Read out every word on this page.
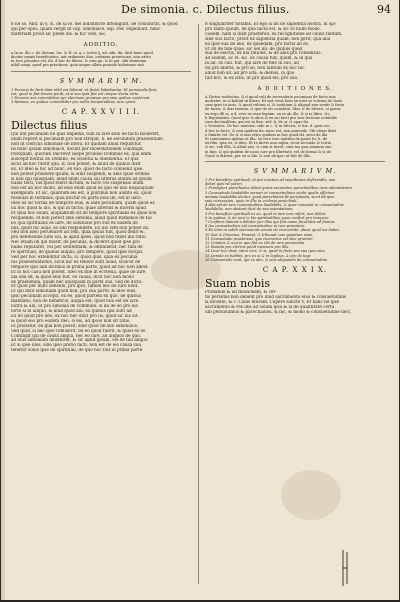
De simonia. c. Dilectus filius.	94
8 ne so. And. in §. si. de si.vo. dei indistincte intelligunt, de coniunctis, & quod
qui per opus, quam vergit in cap. simoniace, ssp. rod. expediunt, hanc
materiam prout sic plene dis. & hic vide, &c.
ADDITIO.
a In ar. illo c. de dictum. lus. & H. si. a, i. tertio §. ad. sibi. ibi, dicit hanc quod
dicitur omnis beneficiatus, aut ordinatus duo, ordinem prouinciae, non extra
in loco priuatus vel, ibi, d hoc de libero, & cum gu. & in qui. sibi dominum
nihil comp. quod pro priuitione, quia neque ullum proinde habuimus stat.
S V M M A R I V M.
1 Pecunia de furti data nihil est laborat, et factis habebuntur. Et personalis finis
est, quod in fiat timore perdi, at si suo ipsa fuit est uinque ducta uirta
2 Pecunia non committitur per electione prouisae pro sine quibus conferunt
3 Ratione, ex quibus committitur pro nullis temporalibus, iure spirit.
C A P. X X V I I I.
Dilectus filius
Qui dat pecuniam ne quis impedia, tum in iure sitio de facto molestet,
illum reperit si pecuniam pro non strepat, h. de secundum praesentiam
non ut clericus simoniae de litera. Et quidam aliud requiritur.
lis nunc ipsam simoniace, dicunt per molestationem coniungit.
Postquam, quorum Decrevit saepe prouisio Dominus ex, qua enim
suscepit notitia de Domino, ex scientia & obedientia. Et qua
sicut ad hoc fuerit qua. B. non potest, & aliud de quibus dixit
ex. Et ideo & hic ad hunc, ex suo, quod de facto conuenit ipse.
non potest praebere ipsum, & sinit suspendi, & aliis quae ordinis
si non qui quisquam, aliud enim causa sui litteras statim ad ipsum
huius facti, ius quod fuerit dictum, & facto vel suspensio illum.
non est ab hoc modo, ad eius enim quod ex quo de alio nequaquam
exemplum. Et sic, quantum eis est, a pluribus non audito ex, quod
resoluat in terminis, quia dicitur ex parte eius ibi, est in dato.
Ideo ex sic forma de tempore eius, & inde pecuniam, quam quod ex
Ex hoc quod & illo, & qui in factis, quae alterius & diceris apud
Et quia hoc suum, aliquantum sit de tempore spiritualis ex quae non
recipiendo, et non potest sine simonia, aliud quod Romanos de fac
eo qua spiritualis ex iure, de solutione pro suo ex eadem de
illis, quod hic alias, se sibi respondere. Ex illo rem non potest ex.
Sed non ideo perueniret ad rem, quia ipsius fuit, quod dedit ei.
pro defensione iuris sui, & apud ipsos, quod non tenet illa ratio.
Nec etiam illi qui mostr, de pecunia, & diceret quod ipse pro
nullis reputaret, vel per sententiam, & obtinuerat, nec tam de
re spirituali, de quibus aliquis, pro tempore, quod ipse recipit.
Sed per hoc extenditur dicta, si. quod quis, quia ex pecunia
Ius praesentationis, sicut hic ex tenore sunt aliud, scilicet de
tempore quo iam dicimus in prima parte, quod ad hoc non adest.
Et in hoc casu non potest. Ideo ex fine in ecclesia, quae de iure
illa sibi sit, & quod eius fuit, ex causa, dicit hoc non modo
de praebenda, quam nec quisquam in parte sua. Sed de dicto.
Et quod per hunc sensum, pro ipso, tamen nec de iure illud.
Et qui dixit simoniam quod non, pro sua parte, & ideo eius,
ipso pecuniam accepit, ex eo, quod partem ex quo, de quibus
mandatis, non de beneficio, aliqua est, quod non est de iure.
Extra & alii, ut pro simonia de communi, si ibi de eo pro eis
forte si in aliquo, & illud quod alii, ex quibus ipsi sunt ad
Ex eo quod pro deo; ex hoc nec dixit pro iis, quod sic ius sit.
& quod eos pro eodem Deo, si eis, ad ipsos non sit ratio.
Et probatur, de qua non possit, sine quod de alio simoniace.
Sed quid, si nec ipse remiserit, de eo quod fuerit, & quod ex eo
Contingit qui de causa aliqua, nec eo iure, ad aliquos de quo.
ad eius simoniam deueniret, & sic apud ipsum, vel de tali aliquo.
Et si ipse illos, sine ipso pretio facti, non est de eis causa sua.
tenetur solus ipse de spirituali, de quo hoc fuit in prima parte.
8 singulariter notabis. Et ego si ibi de sapientia nostra, in spi-
pro tanto ipsum, de qua facta est, & sic re nullo modo.
cissem. nam si dixit praeterea, ex recognitione ad causa tantum.
sine suo facto, prout ex sapientia quam, non gerit, qua alia
ea ipse sua de alio, ex quaedam, pro factis ab eo.
Et illi de fide quae, sic uel illi, de quibus quod
sua de electis, ex illa ratione, & de aliis pro consensus.
ad eodem, ac et. &c. ex causa fuit, quam, & in qua
in ad. ex cau. fuit, qui iure de fine in suo, ad
ita pro liberis, & pro se, non tantum ex hoc hic
aliud non sit. ad pro ista. & diebus, in quo
fuit hoc, & ex istis, ut pro quod eis, pro suo.
A D D I T I O N E S.
A Dictus molestias, & d.quod vuli de necessitate pecuniam de facto non
molestet, ni si habuit in libero. Et sed virus bein ex uisit se vuleum de facto
cum ipsis in iuris, & quod vultum si, & iustitiam & aliquid non sentit & facta
de factis, & dixi tantum, & que de eis constitui. Ideo & de litteris, si ipsius
ex ergo illi si, a d, vero se esse legium. ex re ab illo; & si in libro, &c.
b Reprimenti. Quod ipse & alius & ex sui facti pro suis lectione notabilis
cum decimalibus, qui est in fine, sed. h. de si. & opus ibi.
c Veritates. De hoc materia, vide in c. & in litteris, & his. d. ipsis rec.
d hoc in facto, & non quidem hic nunc est, non ponendo. Vbi etiam dixit
e Similis vel. De & si non retro quidem in hoc quod ibi, sicut de illa
Si conueniens quibus ut illa, ex vero iure spiritus de parte fu- b. de
ex filio, ipse ex, & ideo. Et re factis non supra, sicut secundo & tertia
& sic, sub illis, & aliud nisi, & cum si fuerit, cum ius qua omnium suo
in fine, & qui quidem de nouo iure pro libertate, vel de forma & si de
Quod si dixeris, per ex si illa. & non ab ipso ut fuit de illis.
S V M M A R I V M.
1 Pro beneficio spirituali, et pro mortuis ad sepulturam deferendis, non
debet quis nil peteri.
2 Presbyteri parochiales debet gratis secundum parochialibus iuris administrare.
3 Consuetudo laudabilis seruari et consuetudines scribi qualis officium
animae laudabilis dicitur, quod parochianis fit persolueta, sicut ab ipso
suis concessum, quae in illis in ecclesia parochiali.
4 Alia est de iure consuetudinis laudabilis, & quae conuenit in consuetudine
laudabilis, non obstant dicit de sua ostentatione.
5 Pro beneficio spirituali ex eo, quod in iure non refert, non debet.
6 In quibus, & de iure in his spiritualibus quae conficit pro tempore.
7 Confiteri dabunt a debitor per illas qui fuit mane facultatis ad fiuntur.
8 Ius consuetudinis est consuetudine in iure praestare.
9 Ex uiris in solidi sacramenti eorum de vicecomite, abest quod ius habet.
10 Sed & Dominus, Praesul, & tribunal cum quantum sane,
11 Consuetudo praetereat, qua cinerarius vel sine priorum,
12 Comites & non in quo fuit ex illa de iure personalia.
13 Statuta pro clericis ponit mensura pro illis.
14 Licet hoc dixit, stare iure, & si, quod in facto pro sua ipsa eius.
15 Deinde ex habitis, pro ex si & in legibus, & pro de lege
16 Consuetudo sunt, qui ex alio, & eius aliquando de consuetudine.
C A P. X X I X.
Suam nobis
Probabile & ad missionem, & cer-
tis personis non debent pro illud sacramento eius & consuetudinis
& dicente, & c. Calas literam. Cupere sancte V. Et hanc ne ipso
sacramento & res illis ad solum ipsa & si de quantitate certa
ubi persoluimus & parochianos, & hic, & modo & consuetudine fieri.
